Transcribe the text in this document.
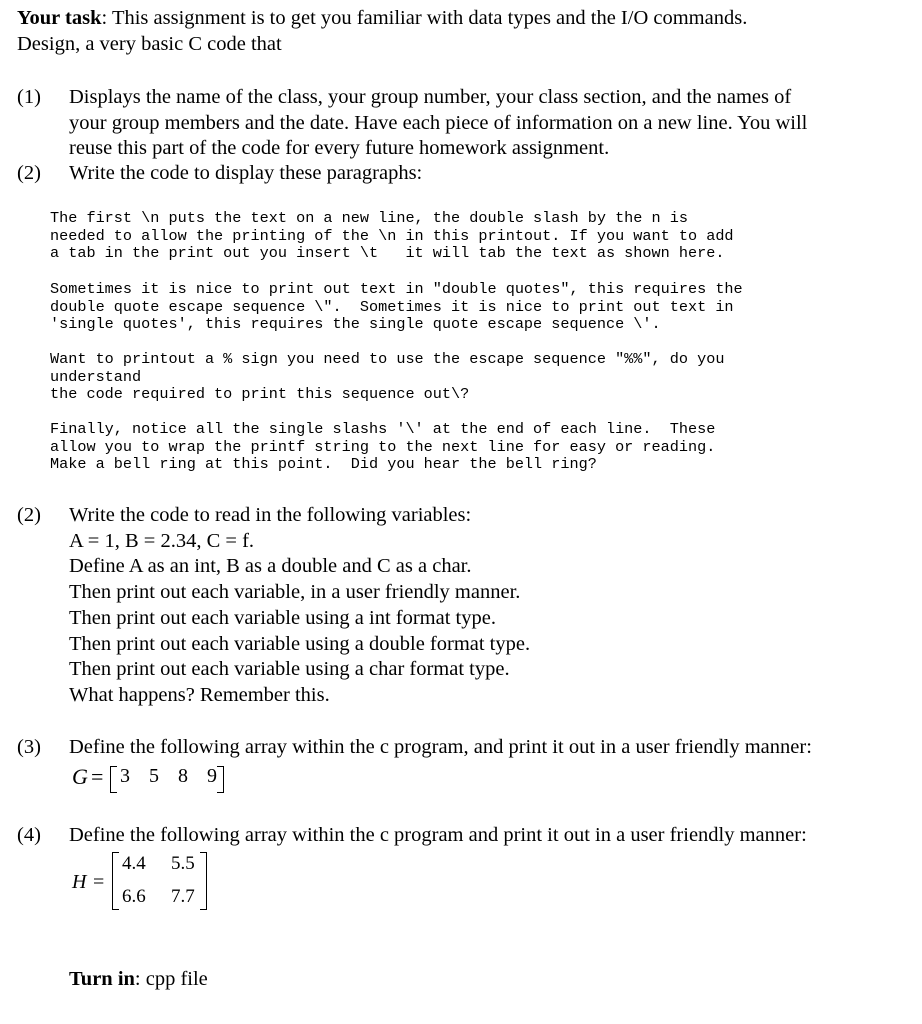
Your task: This assignment is to get you familiar with data types and the I/O commands.
Design, a very basic C code that
(1) Displays the name of the class, your group number, your class section, and the names of
your group members and the date. Have each piece of information on a new line. You will
reuse this part of the code for every future homework assignment.
(2) Write the code to display these paragraphs:
The first \n puts the text on a new line, the double slash by the n is
needed to allow the printing of the \n in this printout. If you want to add
a tab in the print out you insert \t   it will tab the text as shown here.
Sometimes it is nice to print out text in "double quotes", this requires the
double quote escape sequence \".  Sometimes it is nice to print out text in
'single quotes', this requires the single quote escape sequence \'.
Want to printout a % sign you need to use the escape sequence "%%", do you
understand
the code required to print this sequence out\?
Finally, notice all the single slashs '\' at the end of each line.  These
allow you to wrap the printf string to the next line for easy or reading.
Make a bell ring at this point.  Did you hear the bell ring?
(2) Write the code to read in the following variables:
A = 1, B = 2.34, C = f.
Define A as an int, B as a double and C as a char.
Then print out each variable, in a user friendly manner.
Then print out each variable using a int format type.
Then print out each variable using a double format type.
Then print out each variable using a char format type.
What happens? Remember this.
(3) Define the following array within the c program, and print it out in a user friendly manner:
G = 3 5 8 9
(4) Define the following array within the c program and print it out in a user friendly manner:
H =
4.4 5.5
6.6 7.7
Turn in: cpp file
